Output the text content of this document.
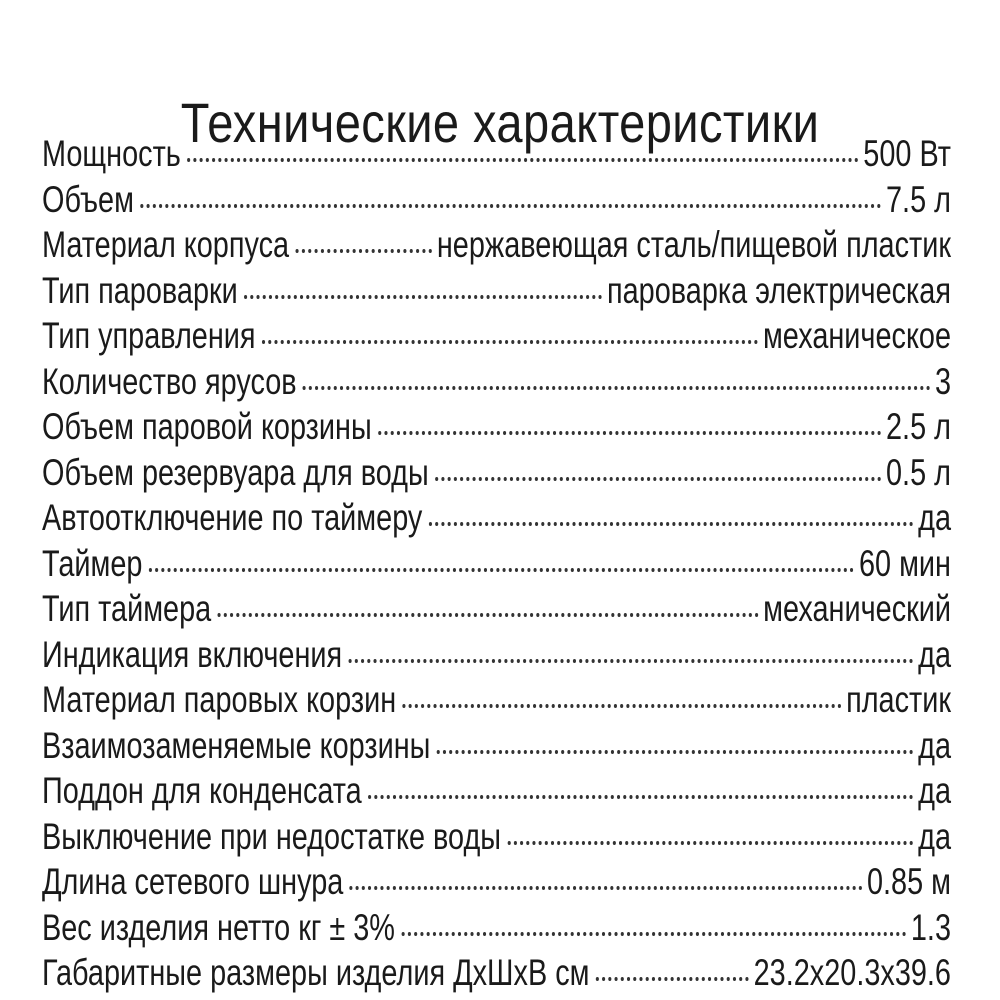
Технические характеристики
Мощность	500 Вт
Объем	7.5 л
Материал корпуса	нержавеющая сталь/пищевой пластик
Тип пароварки	пароварка электрическая
Тип управления	механическое
Количество ярусов	3
Объем паровой корзины	2.5 л
Объем резервуара для воды	0.5 л
Автоотключение по таймеру	да
Таймер	60 мин
Тип таймера	механический
Индикация включения	да
Материал паровых корзин	пластик
Взаимозаменяемые корзины	да
Поддон для конденсата	да
Выключение при недостатке воды	да
Длина сетевого шнура	0.85 м
Вес изделия нетто кг ± 3%	1.3
Габаритные размеры изделия ДхШхВ см	23.2х20.3х39.6
